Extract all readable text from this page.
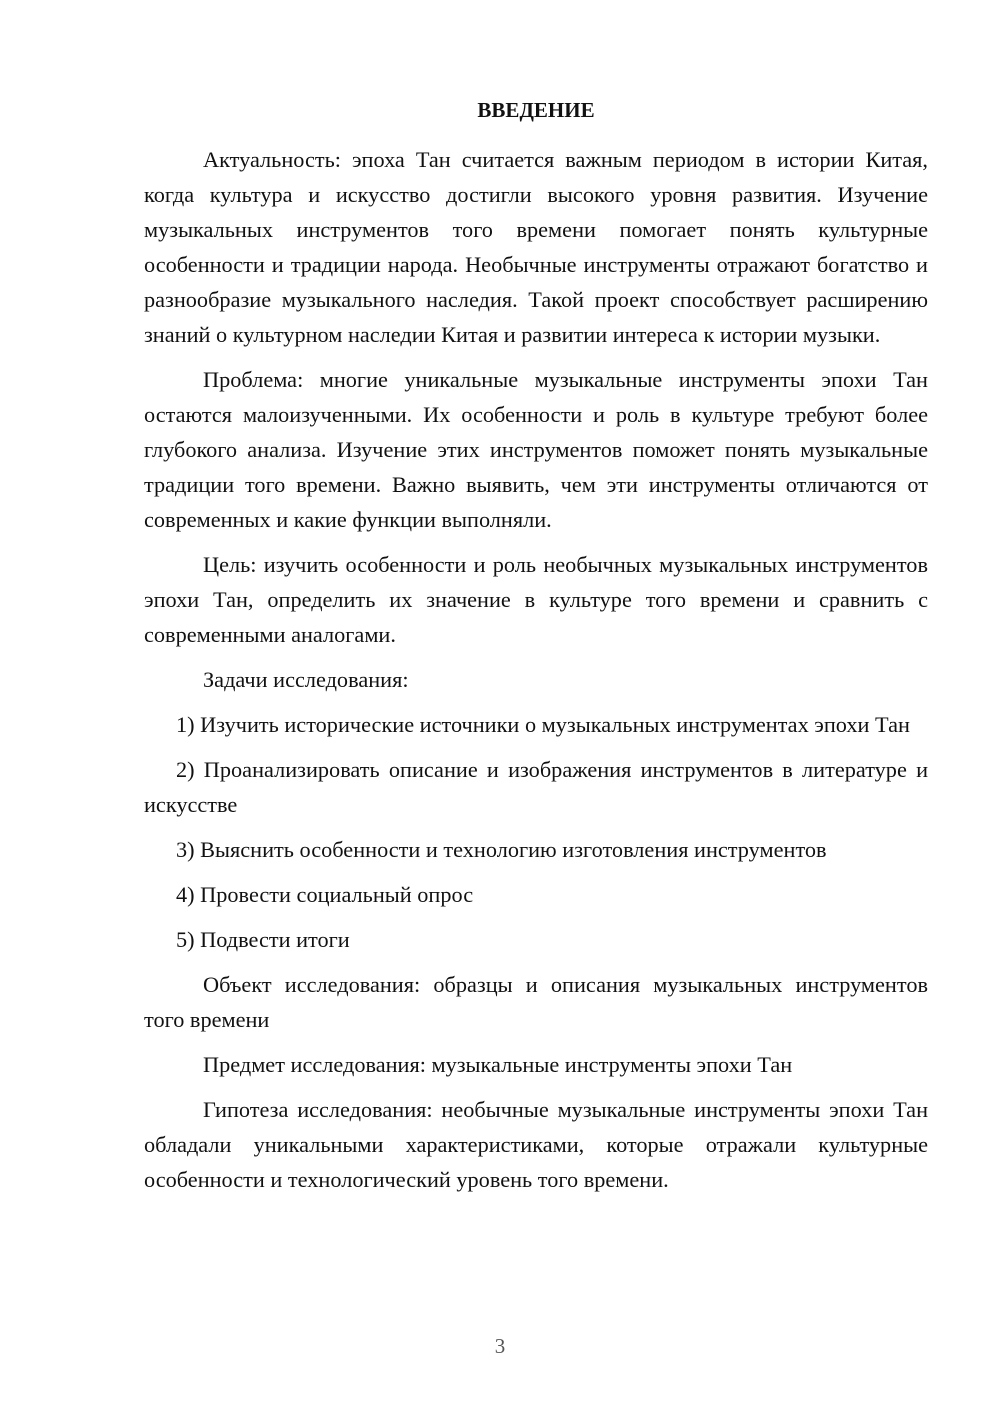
ВВЕДЕНИЕ

Актуальность: эпоха Тан считается важным периодом в истории Китая, когда культура и искусство достигли высокого уровня развития. Изучение музыкальных инструментов того времени помогает понять культурные особенности и традиции народа. Необычные инструменты отражают богатство и разнообразие музыкального наследия. Такой проект способствует расширению знаний о культурном наследии Китая и развитии интереса к истории музыки.

Проблема: многие уникальные музыкальные инструменты эпохи Тан остаются малоизученными. Их особенности и роль в культуре требуют более глубокого анализа. Изучение этих инструментов поможет понять музыкальные традиции того времени. Важно выявить, чем эти инструменты отличаются от современных и какие функции выполняли.

Цель: изучить особенности и роль необычных музыкальных инструментов эпохи Тан, определить их значение в культуре того времени и сравнить с современными аналогами.

Задачи исследования:

1) Изучить исторические источники о музыкальных инструментах эпохи Тан

2) Проанализировать описание и изображения инструментов в литературе и искусстве

3) Выяснить особенности и технологию изготовления инструментов

4) Провести социальный опрос

5) Подвести итоги

Объект исследования: образцы и описания музыкальных инструментов того времени

Предмет исследования: музыкальные инструменты эпохи Тан

Гипотеза исследования: необычные музыкальные инструменты эпохи Тан обладали уникальными характеристиками, которые отражали культурные особенности и технологический уровень того времени.

3
